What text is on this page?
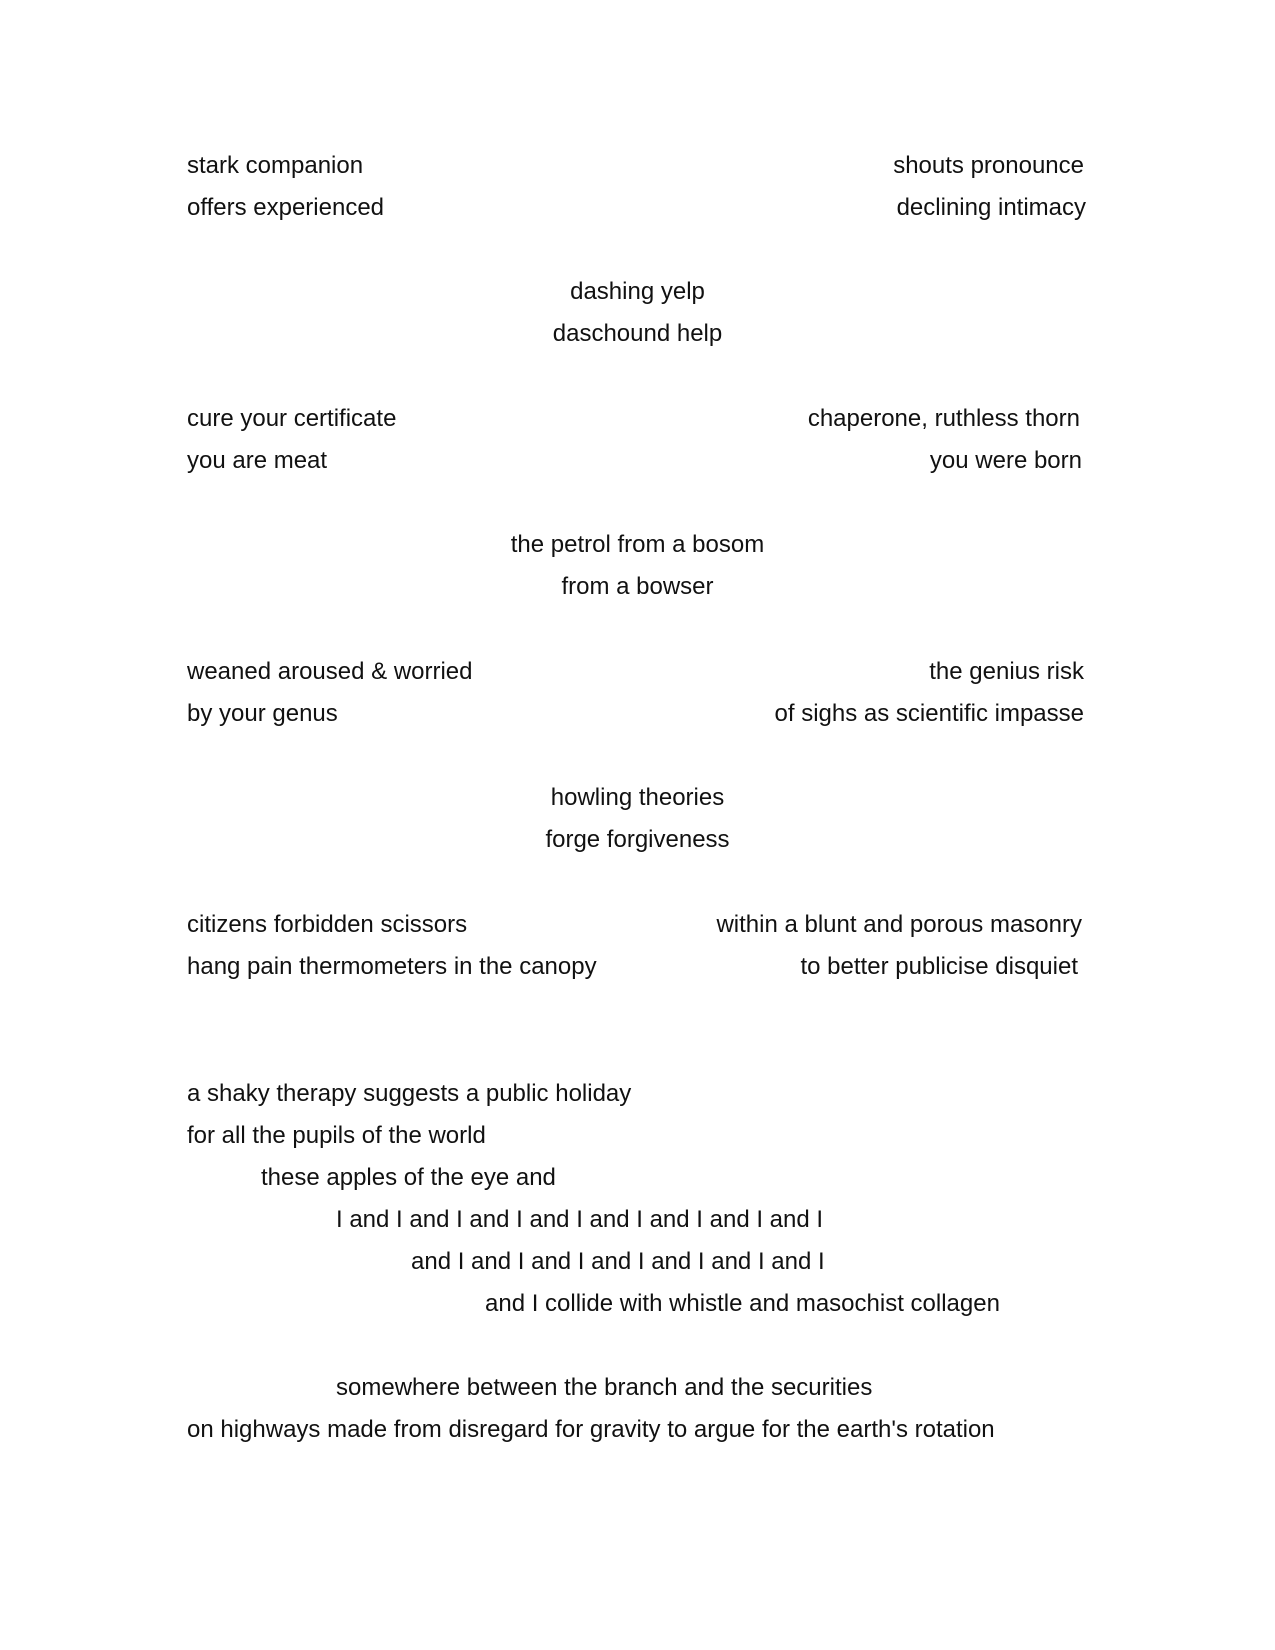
stark companion

offers experienced

shouts pronounce

declining intimacy

dashing yelp

daschound help

cure your certificate

you are meat

chaperone, ruthless thorn

you were born

the petrol from a bosom

from a bowser

weaned aroused & worried

by your genus

the genius risk

of sighs as scientific impasse

howling theories

forge forgiveness

citizens forbidden scissors

hang pain thermometers in the canopy

within a blunt and porous masonry

to better publicise disquiet

a shaky therapy suggests a public holiday

for all the pupils of the world

these apples of the eye and

I and I and I and I and I and I and I and I and I

and I and I and I and I and I and I and I

and I collide with whistle and masochist collagen

somewhere between the branch and the securities

on highways made from disregard for gravity to argue for the earth's rotation
